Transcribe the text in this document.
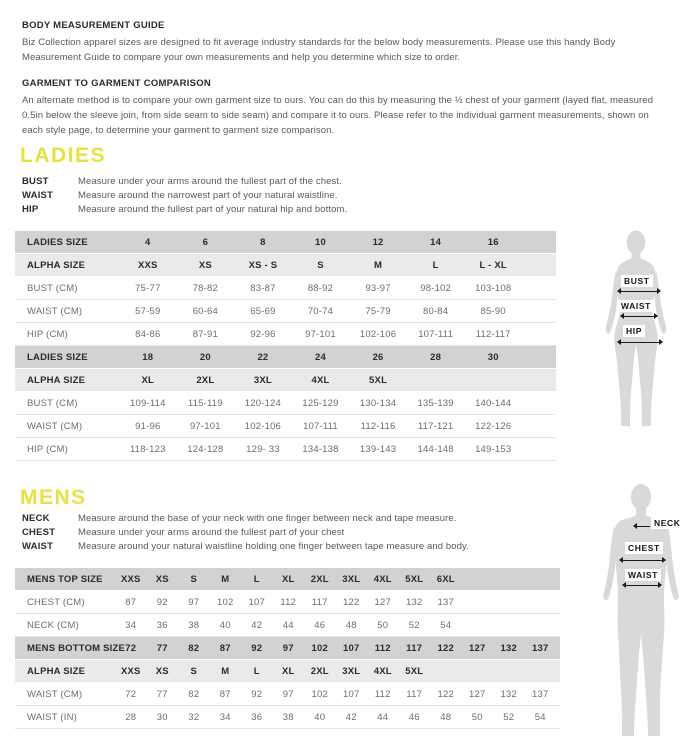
BODY MEASUREMENT GUIDE
Biz Collection apparel sizes are designed to fit average industry standards for the below body measurements. Please use this handy Body Measurement Guide to compare your own measurements and help you determine which size to order.
GARMENT TO GARMENT COMPARISON
An alternate method is to compare your own garment size to ours. You can do this by measuring the ½ chest of your garment (layed flat, measured 0.5in below the sleeve join, from side seam to side seam) and compare it to ours. Please refer to the individual garment measurements, shown on each style page, to determine your garment to garment size comparison.
LADIES
BUST	Measure under your arms around the fullest part of the chest.
WAIST	Measure around the narrowest part of your natural waistline.
HIP	Measure around the fullest part of your natural hip and bottom.
LADIES SIZE	4	6	8	10	12	14	16
ALPHA SIZE	XXS	XS	XS - S	S	M	L	L - XL
BUST (CM)	75-77	78-82	83-87	88-92	93-97	98-102	103-108
WAIST (CM)	57-59	60-64	65-69	70-74	75-79	80-84	85-90
HIP (CM)	84-86	87-91	92-96	97-101	102-106	107-111	112-117
LADIES SIZE	18	20	22	24	26	28	30
ALPHA SIZE	XL	2XL	3XL	4XL	5XL
BUST (CM)	109-114	115-119	120-124	125-129	130-134	135-139	140-144
WAIST (CM)	91-96	97-101	102-106	107-111	112-116	117-121	122-126
HIP (CM)	118-123	124-128	129- 33	134-138	139-143	144-148	149-153
BUST
WAIST
HIP
MENS
NECK	Measure around the base of your neck with one finger between neck and tape measure.
CHEST	Measure under your arms around the fullest part of your chest
WAIST	Measure around your natural waistline holding one finger between tape measure and body.
MENS TOP SIZE	XXS	XS	S	M	L	XL	2XL	3XL	4XL	5XL	6XL
CHEST (CM)	87	92	97	102	107	112	117	122	127	132	137
NECK (CM)	34	36	38	40	42	44	46	48	50	52	54
MENS BOTTOM SIZE 72	77	82	87	92	97	102	107	112	117	122	127	132	137
ALPHA SIZE	XXS	XS	S	M	L	XL	2XL	3XL	4XL	5XL
WAIST (CM)	72	77	82	87	92	97	102	107	112	117	122	127	132	137
WAIST (IN)	28	30	32	34	36	38	40	42	44	46	48	50	52	54
NECK
CHEST
WAIST
